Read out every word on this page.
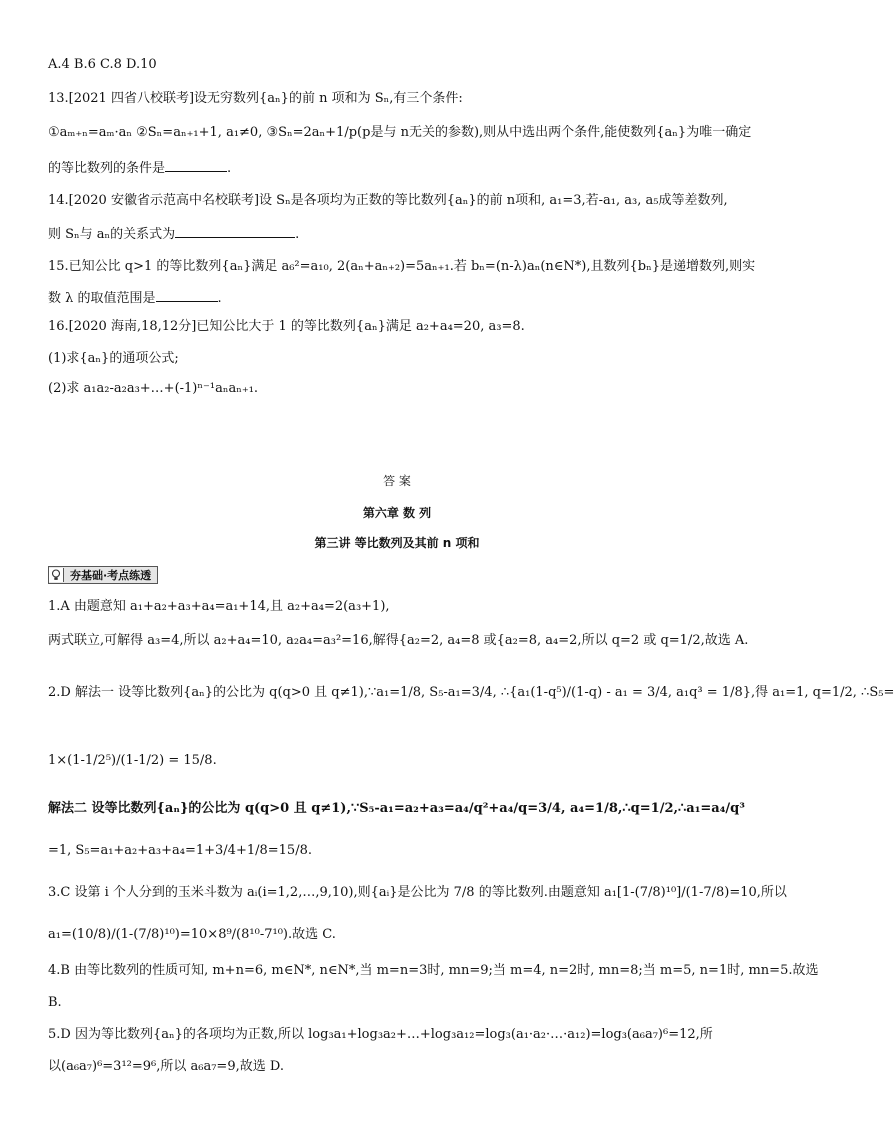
A.4 B.6 C.8 D.10
13.[2021 四省八校联考]设无穷数列{aₙ}的前 n 项和为 Sₙ,有三个条件:
①aₘ₊ₙ=aₘ·aₙ ②Sₙ=aₙ₊₁+1, a₁≠0, ③Sₙ=2aₙ+1/p(p是与 n无关的参数),则从中选出两个条件,能使数列{aₙ}为唯一确定
的等比数列的条件是	.
14.[2020 安徽省示范高中名校联考]设 Sₙ是各项均为正数的等比数列{aₙ}的前 n项和, a₁=3,若-a₁, a₃, a₅成等差数列,
则 Sₙ与 aₙ的关系式为	.
15.已知公比 q>1 的等比数列{aₙ}满足 a₆²=a₁₀, 2(aₙ+aₙ₊₂)=5aₙ₊₁.若 bₙ=(n-λ)aₙ(n∈N*),且数列{bₙ}是递增数列,则实
数 λ 的取值范围是	.
16.[2020 海南,18,12分]已知公比大于 1 的等比数列{aₙ}满足 a₂+a₄=20, a₃=8.
(1)求{aₙ}的通项公式;
(2)求 a₁a₂-a₂a₃+…+(-1)ⁿ⁻¹aₙaₙ₊₁.
答 案
第六章 数 列
第三讲 等比数列及其前 n 项和
夯基础·考点练透
1.A 由题意知 a₁+a₂+a₃+a₄=a₁+14,且 a₂+a₄=2(a₃+1),
两式联立,可解得 a₃=4,所以 a₂+a₄=10, a₂a₄=a₃²=16,解得{a₂=2, a₄=8 或{a₂=8, a₄=2,所以 q=2 或 q=1/2,故选 A.
2.D 解法一 设等比数列{aₙ}的公比为 q(q>0 且 q≠1),∵a₁=1/8, S₅-a₁=3/4, ∴{a₁(1-q⁵)/(1-q) - a₁ = 3/4, a₁q³ = 1/8},得 a₁=1, q=1/2, ∴S₅=
1×(1-1/2⁵)/(1-1/2) = 15/8.
解法二 设等比数列{aₙ}的公比为 q(q>0 且 q≠1),∵S₅-a₁=a₂+a₃=a₄/q²+a₄/q=3/4, a₄=1/8,∴q=1/2,∴a₁=a₄/q³
=1, S₅=a₁+a₂+a₃+a₄=1+3/4+1/8=15/8.
3.C 设第 i 个人分到的玉米斗数为 aᵢ(i=1,2,…,9,10),则{aᵢ}是公比为 7/8 的等比数列.由题意知 a₁[1-(7/8)¹⁰]/(1-7/8)=10,所以
a₁=(10/8)/(1-(7/8)¹⁰)=10×8⁹/(8¹⁰-7¹⁰).故选 C.
4.B 由等比数列的性质可知, m+n=6, m∈N*, n∈N*,当 m=n=3时, mn=9;当 m=4, n=2时, mn=8;当 m=5, n=1时, mn=5.故选
B.
5.D 因为等比数列{aₙ}的各项均为正数,所以 log₃a₁+log₃a₂+…+log₃a₁₂=log₃(a₁·a₂·…·a₁₂)=log₃(a₆a₇)⁶=12,所
以(a₆a₇)⁶=3¹²=9⁶,所以 a₆a₇=9,故选 D.
